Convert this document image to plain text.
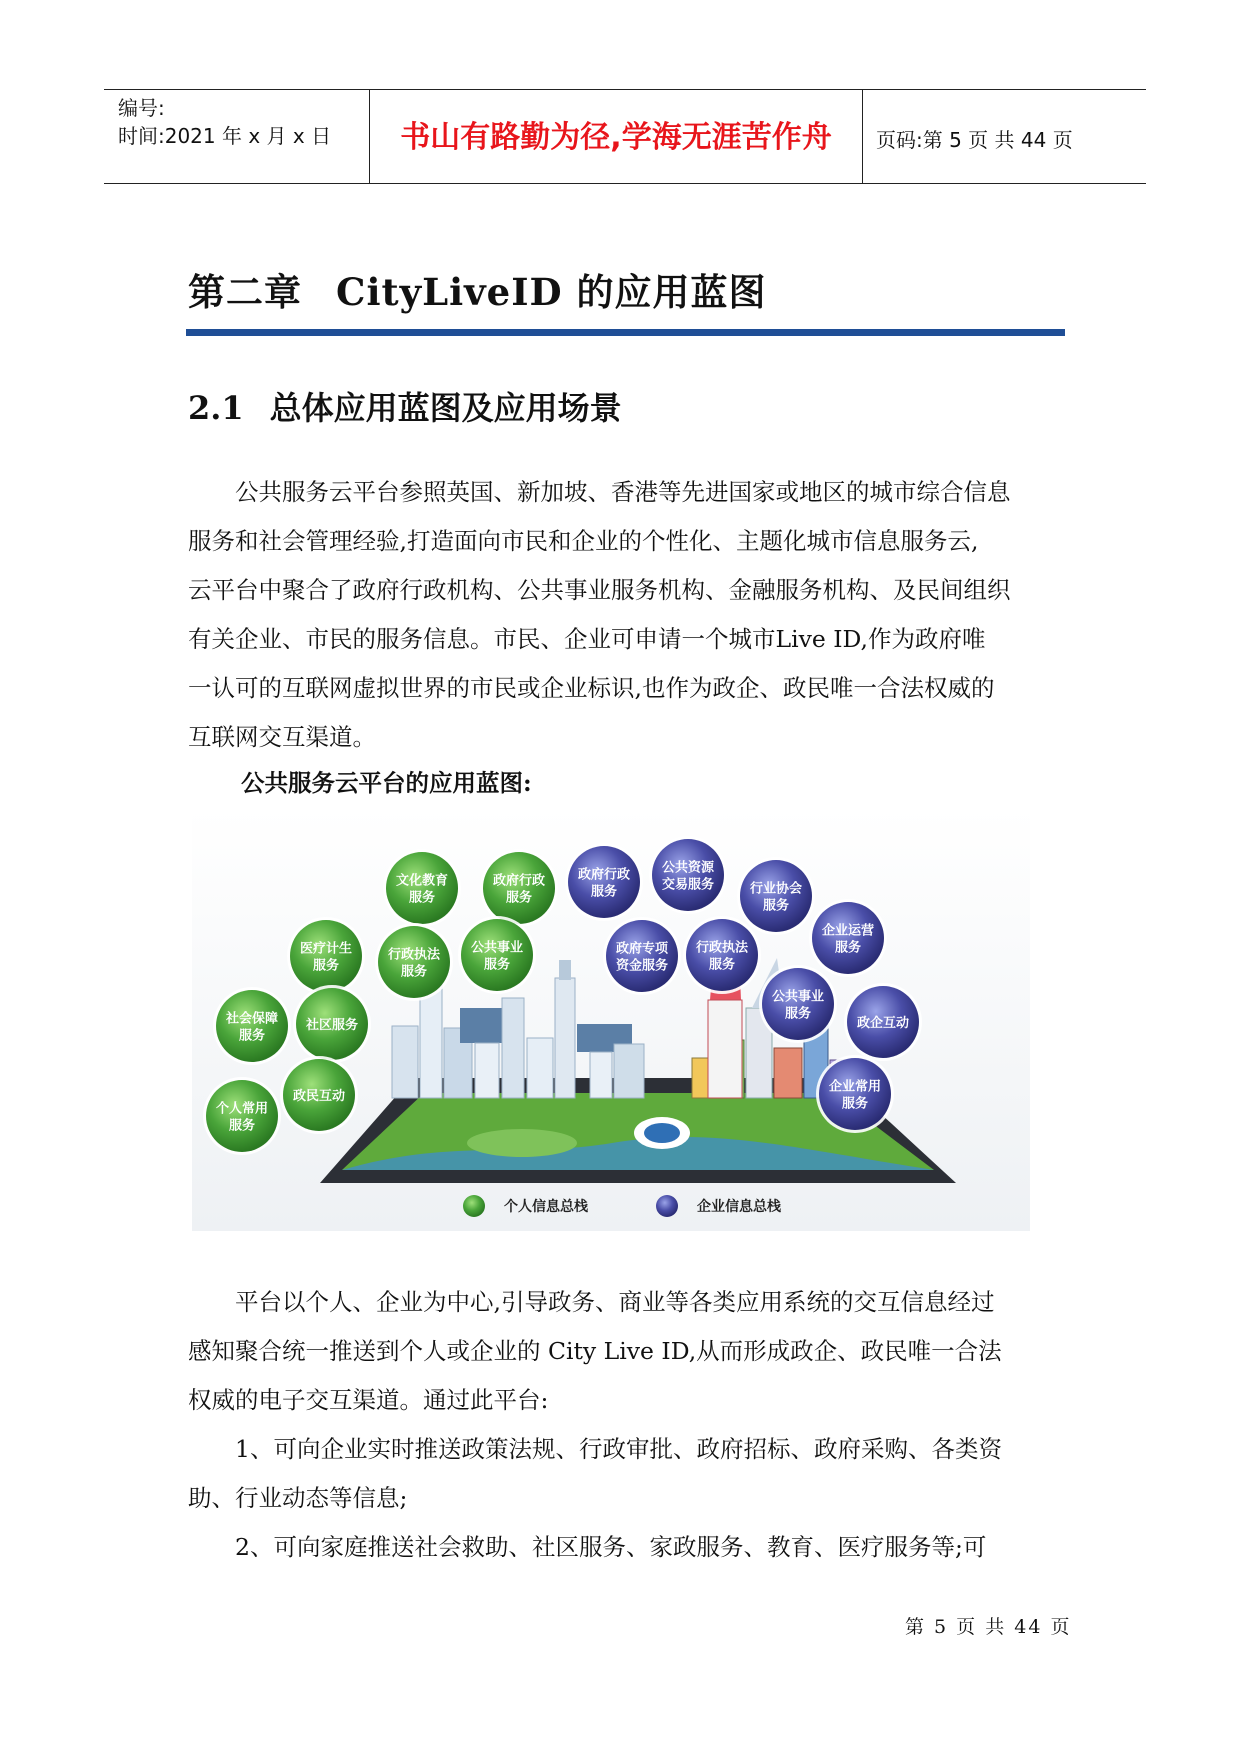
编号:
时间:2021 年 x 月 x 日	书山有路勤为径,学海无涯苦作舟	页码:第 5 页 共 44 页
第二章 CityLiveID 的应用蓝图
2.1 总体应用蓝图及应用场景
公共服务云平台参照英国、新加坡、香港等先进国家或地区的城市综合信息
服务和社会管理经验,打造面向市民和企业的个性化、主题化城市信息服务云,
云平台中聚合了政府行政机构、公共事业服务机构、金融服务机构、及民间组织
有关企业、市民的服务信息。市民、企业可申请一个城市Live ID,作为政府唯
一认可的互联网虚拟世界的市民或企业标识,也作为政企、政民唯一合法权威的
互联网交互渠道。
公共服务云平台的应用蓝图:
文化教育
服务
政府行政
服务
医疗计生
服务
行政执法
服务
公共事业
服务
社会保障
服务
社区服务
个人常用
服务
政民互动
政府行政
服务
公共资源
交易服务	行业协会
服务
政府专项
资金服务
行政执法
服务
企业运营
服务
公共事业
服务
政企互动
企业常用
服务
个人信息总栈	企业信息总栈
平台以个人、企业为中心,引导政务、商业等各类应用系统的交互信息经过
感知聚合统一推送到个人或企业的 City Live ID,从而形成政企、政民唯一合法
权威的电子交互渠道。通过此平台:
1、可向企业实时推送政策法规、行政审批、政府招标、政府采购、各类资
助、行业动态等信息;
2、可向家庭推送社会救助、社区服务、家政服务、教育、医疗服务等;可
第 5 页 共 44 页
